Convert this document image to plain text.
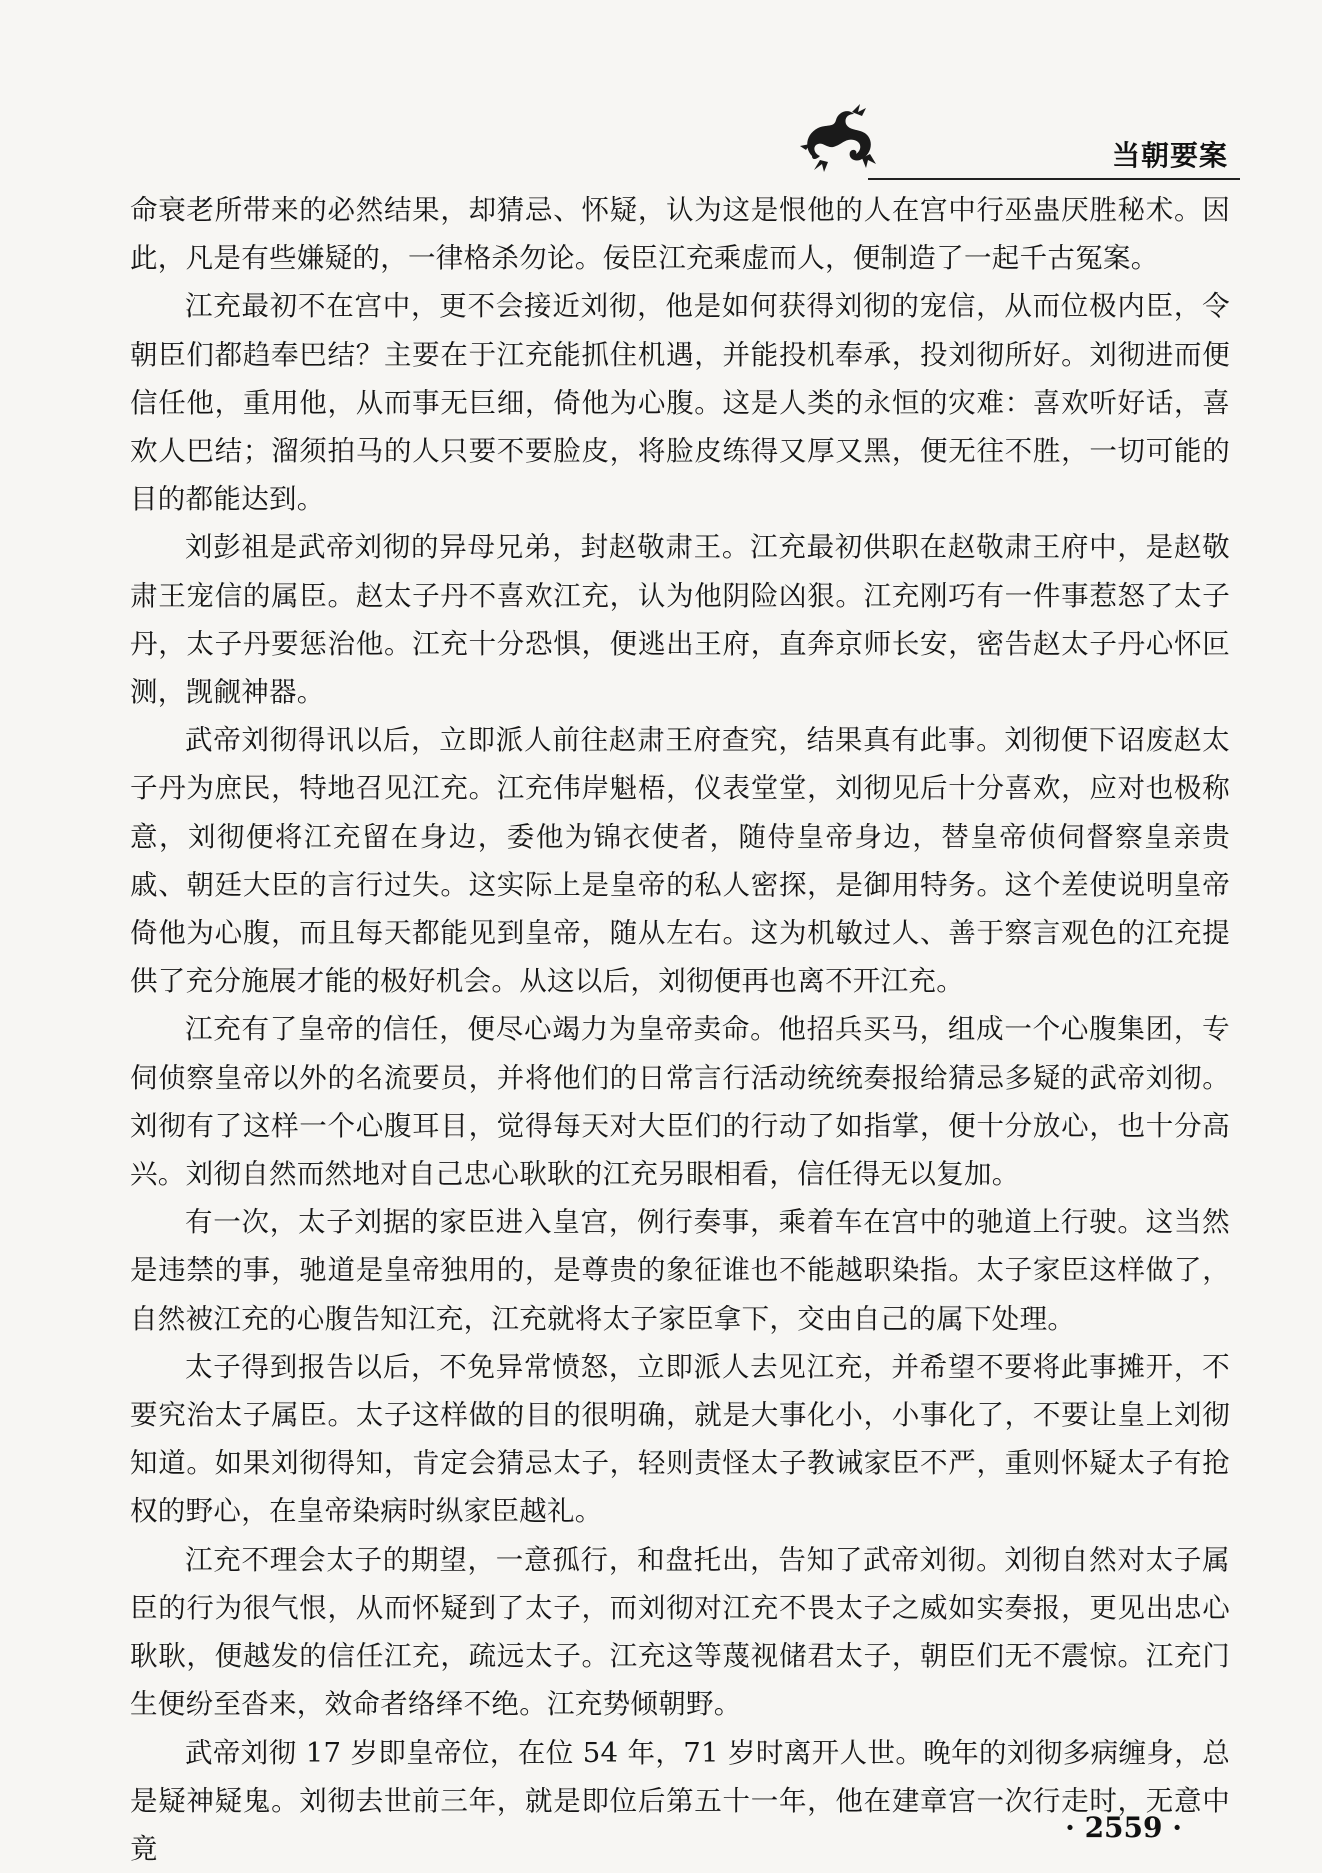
当朝要案

命衰老所带来的必然结果，却猜忌、怀疑，认为这是恨他的人在宫中行巫蛊厌胜秘术。因此，凡是有些嫌疑的，一律格杀勿论。佞臣江充乘虚而人，便制造了一起千古冤案。

江充最初不在宫中，更不会接近刘彻，他是如何获得刘彻的宠信，从而位极内臣，令朝臣们都趋奉巴结？主要在于江充能抓住机遇，并能投机奉承，投刘彻所好。刘彻进而便信任他，重用他，从而事无巨细，倚他为心腹。这是人类的永恒的灾难：喜欢听好话，喜欢人巴结；溜须拍马的人只要不要脸皮，将脸皮练得又厚又黑，便无往不胜，一切可能的目的都能达到。

刘彭祖是武帝刘彻的异母兄弟，封赵敬肃王。江充最初供职在赵敬肃王府中，是赵敬肃王宠信的属臣。赵太子丹不喜欢江充，认为他阴险凶狠。江充刚巧有一件事惹怒了太子丹，太子丹要惩治他。江充十分恐惧，便逃出王府，直奔京师长安，密告赵太子丹心怀叵测，觊觎神器。

武帝刘彻得讯以后，立即派人前往赵肃王府查究，结果真有此事。刘彻便下诏废赵太子丹为庶民，特地召见江充。江充伟岸魁梧，仪表堂堂，刘彻见后十分喜欢，应对也极称意，刘彻便将江充留在身边，委他为锦衣使者，随侍皇帝身边，替皇帝侦伺督察皇亲贵戚、朝廷大臣的言行过失。这实际上是皇帝的私人密探，是御用特务。这个差使说明皇帝倚他为心腹，而且每天都能见到皇帝，随从左右。这为机敏过人、善于察言观色的江充提供了充分施展才能的极好机会。从这以后，刘彻便再也离不开江充。

江充有了皇帝的信任，便尽心竭力为皇帝卖命。他招兵买马，组成一个心腹集团，专伺侦察皇帝以外的名流要员，并将他们的日常言行活动统统奏报给猜忌多疑的武帝刘彻。刘彻有了这样一个心腹耳目，觉得每天对大臣们的行动了如指掌，便十分放心，也十分高兴。刘彻自然而然地对自己忠心耿耿的江充另眼相看，信任得无以复加。

有一次，太子刘据的家臣进入皇宫，例行奏事，乘着车在宫中的驰道上行驶。这当然是违禁的事，驰道是皇帝独用的，是尊贵的象征谁也不能越职染指。太子家臣这样做了，自然被江充的心腹告知江充，江充就将太子家臣拿下，交由自己的属下处理。

太子得到报告以后，不免异常愤怒，立即派人去见江充，并希望不要将此事摊开，不要究治太子属臣。太子这样做的目的很明确，就是大事化小，小事化了，不要让皇上刘彻知道。如果刘彻得知，肯定会猜忌太子，轻则责怪太子教诫家臣不严，重则怀疑太子有抢权的野心，在皇帝染病时纵家臣越礼。

江充不理会太子的期望，一意孤行，和盘托出，告知了武帝刘彻。刘彻自然对太子属臣的行为很气恨，从而怀疑到了太子，而刘彻对江充不畏太子之威如实奏报，更见出忠心耿耿，便越发的信任江充，疏远太子。江充这等蔑视储君太子，朝臣们无不震惊。江充门生便纷至沓来，效命者络绎不绝。江充势倾朝野。

武帝刘彻 17 岁即皇帝位，在位 54 年，71 岁时离开人世。晚年的刘彻多病缠身，总是疑神疑鬼。刘彻去世前三年，就是即位后第五十一年，他在建章宫一次行走时，无意中竟

· 2559 ·
